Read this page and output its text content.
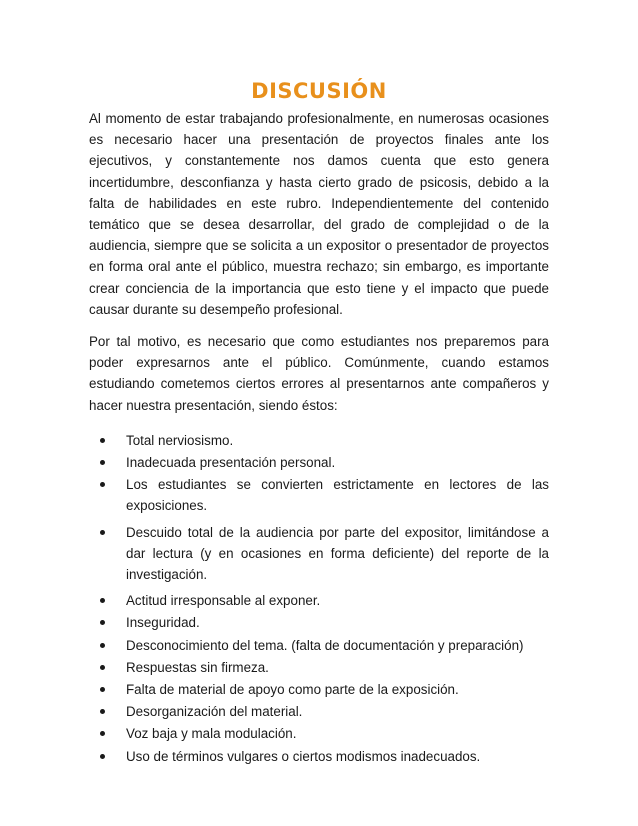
DISCUSIÓN

Al momento de estar trabajando profesionalmente, en numerosas ocasiones es necesario hacer una presentación de proyectos finales ante los ejecutivos, y constantemente nos damos cuenta que esto genera incertidumbre, desconfianza y hasta cierto grado de psicosis, debido a la falta de habilidades en este rubro. Independientemente del contenido temático que se desea desarrollar, del grado de complejidad o de la audiencia, siempre que se solicita a un expositor o presentador de proyectos en forma oral ante el público, muestra rechazo; sin embargo, es importante crear conciencia de la importancia que esto tiene y el impacto que puede causar durante su desempeño profesional.

Por tal motivo, es necesario que como estudiantes nos preparemos para poder expresarnos ante el público. Comúnmente, cuando estamos estudiando cometemos ciertos errores al presentarnos ante compañeros y hacer nuestra presentación, siendo éstos:

Total nerviosismo.
Inadecuada presentación personal.
Los estudiantes se convierten estrictamente en lectores de las exposiciones.
Descuido total de la audiencia por parte del expositor, limitándose a dar lectura (y en ocasiones en forma deficiente) del reporte de la investigación.
Actitud irresponsable al exponer.
Inseguridad.
Desconocimiento del tema. (falta de documentación y preparación)
Respuestas sin firmeza.
Falta de material de apoyo como parte de la exposición.
Desorganización del material.
Voz baja y mala modulación.
Uso de términos vulgares o ciertos modismos inadecuados.
